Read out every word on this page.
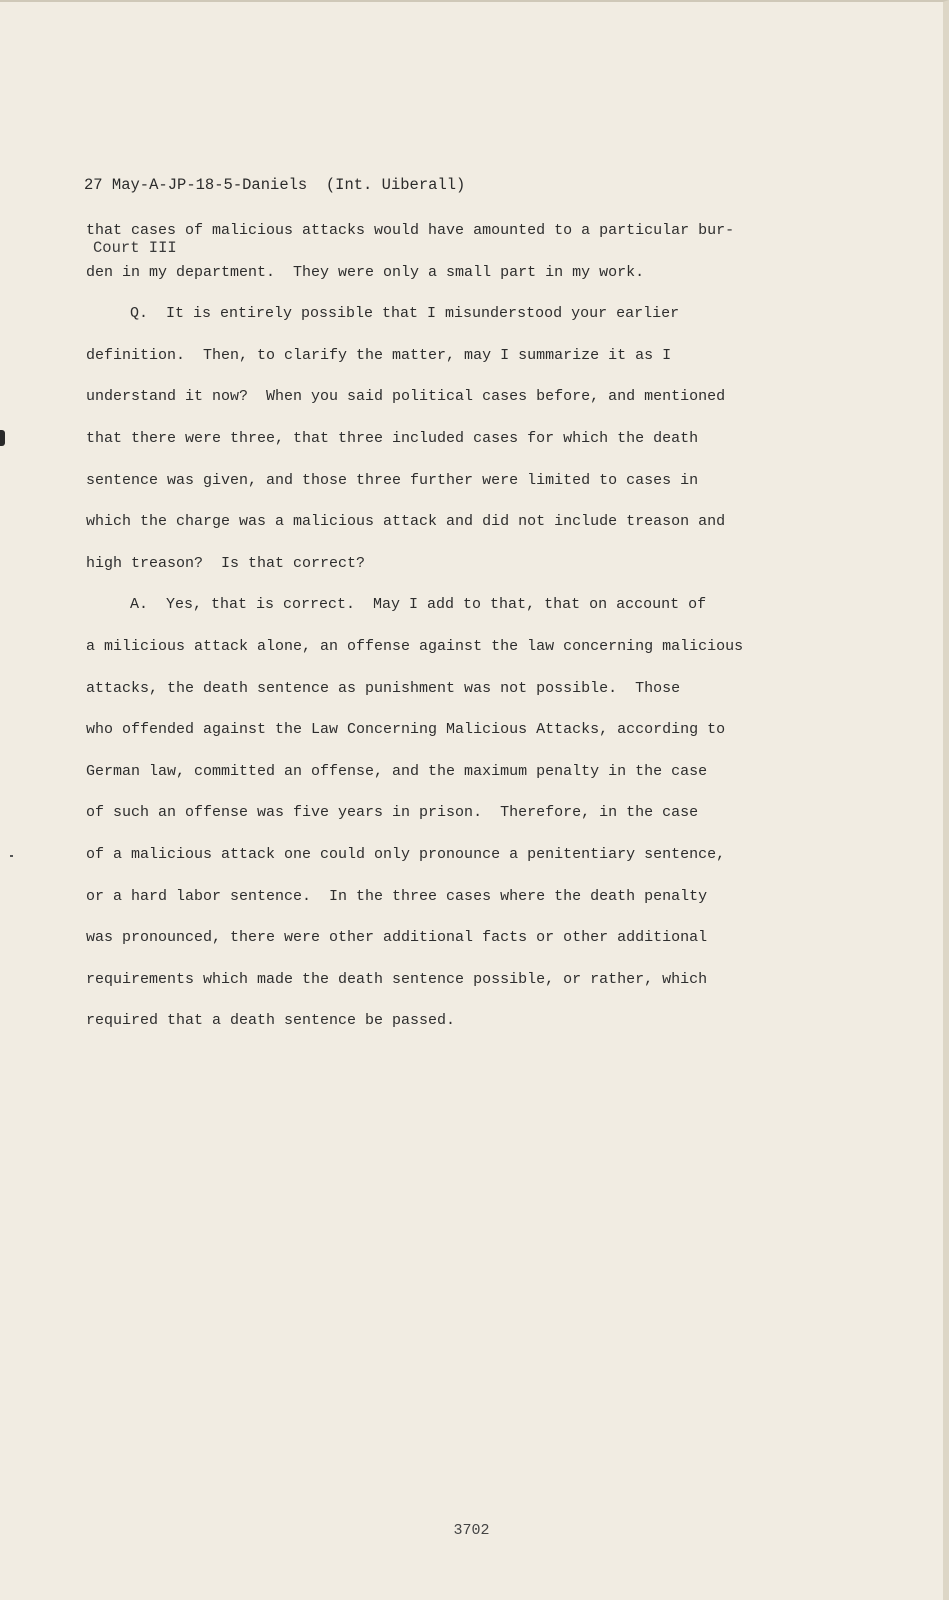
27 May-A-JP-18-5-Daniels  (Int. Uiberall)

Court III

that cases of malicious attacks would have amounted to a particular bur-
den in my department.  They were only a small part in my work.
Q.  It is entirely possible that I misunderstood your earlier
definition.  Then, to clarify the matter, may I summarize it as I
understand it now?  When you said political cases before, and mentioned
that there were three, that three included cases for which the death
sentence was given, and those three further were limited to cases in
which the charge was a malicious attack and did not include treason and
high treason?  Is that correct?
A.  Yes, that is correct.  May I add to that, that on account of
a milicious attack alone, an offense against the law concerning malicious
attacks, the death sentence as punishment was not possible.  Those
who offended against the Law Concerning Malicious Attacks, according to
German law, committed an offense, and the maximum penalty in the case
of such an offense was five years in prison.  Therefore, in the case
of a malicious attack one could only pronounce a penitentiary sentence,
or a hard labor sentence.  In the three cases where the death penalty
was pronounced, there were other additional facts or other additional
requirements which made the death sentence possible, or rather, which
required that a death sentence be passed.
3702
